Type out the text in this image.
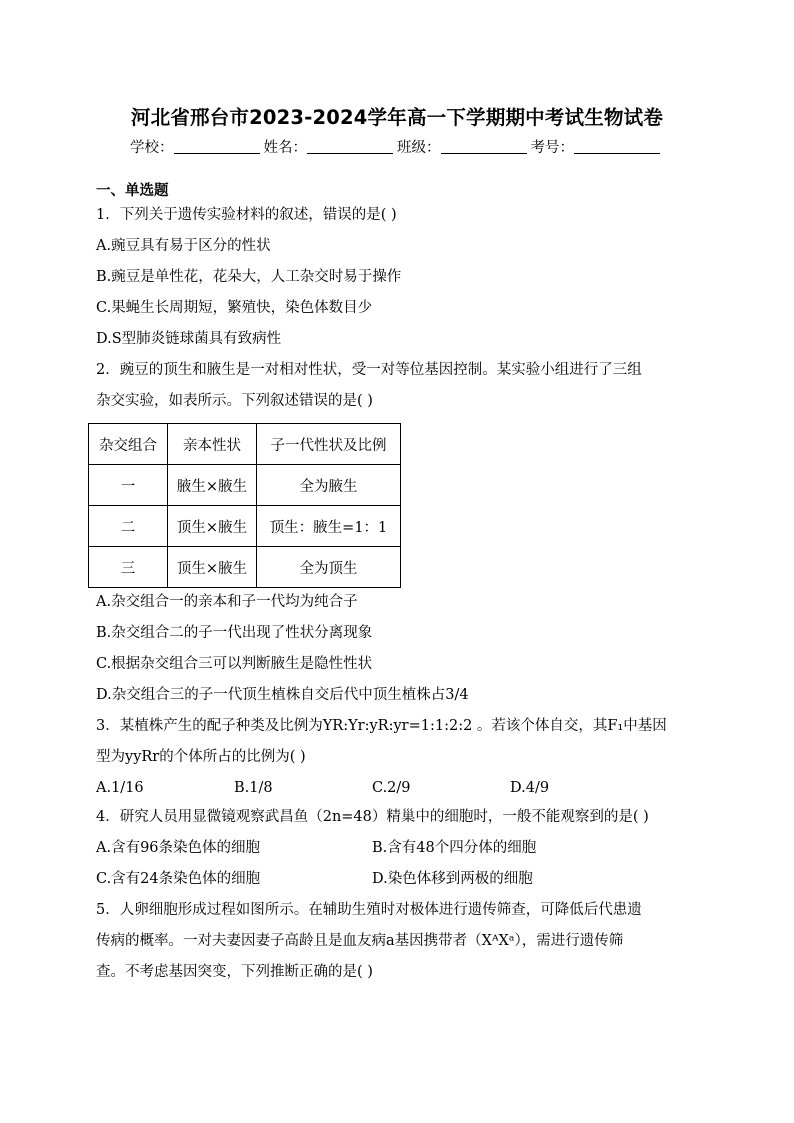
河北省邢台市2023-2024学年高一下学期期中考试生物试卷
学校：	姓名：	班级：	考号：
一、单选题
1．下列关于遗传实验材料的叙述，错误的是( )
A.豌豆具有易于区分的性状
B.豌豆是单性花，花朵大，人工杂交时易于操作
C.果蝇生长周期短，繁殖快，染色体数目少
D.S型肺炎链球菌具有致病性
2．豌豆的顶生和腋生是一对相对性状，受一对等位基因控制。某实验小组进行了三组
杂交实验，如表所示。下列叙述错误的是( )
杂交组合	亲本性状	子一代性状及比例
一	腋生×腋生	全为腋生
二	顶生×腋生	顶生：腋生=1：1
三	顶生×腋生	全为顶生
A.杂交组合一的亲本和子一代均为纯合子
B.杂交组合二的子一代出现了性状分离现象
C.根据杂交组合三可以判断腋生是隐性性状
D.杂交组合三的子一代顶生植株自交后代中顶生植株占3/4
3．某植株产生的配子种类及比例为YR:Yr:yR:yr=1:1:2:2 。若该个体自交，其F₁中基因
型为yyRr的个体所占的比例为( )
A.1/16	B.1/8	C.2/9	D.4/9
4．研究人员用显微镜观察武昌鱼（2n=48）精巢中的细胞时，一般不能观察到的是( )
A.含有96条染色体的细胞	B.含有48个四分体的细胞
C.含有24条染色体的细胞	D.染色体移到两极的细胞
5．人卵细胞形成过程如图所示。在辅助生殖时对极体进行遗传筛查，可降低后代患遗
传病的概率。一对夫妻因妻子高龄且是血友病a基因携带者（XᴬXᵃ），需进行遗传筛
查。不考虑基因突变，下列推断正确的是( )
